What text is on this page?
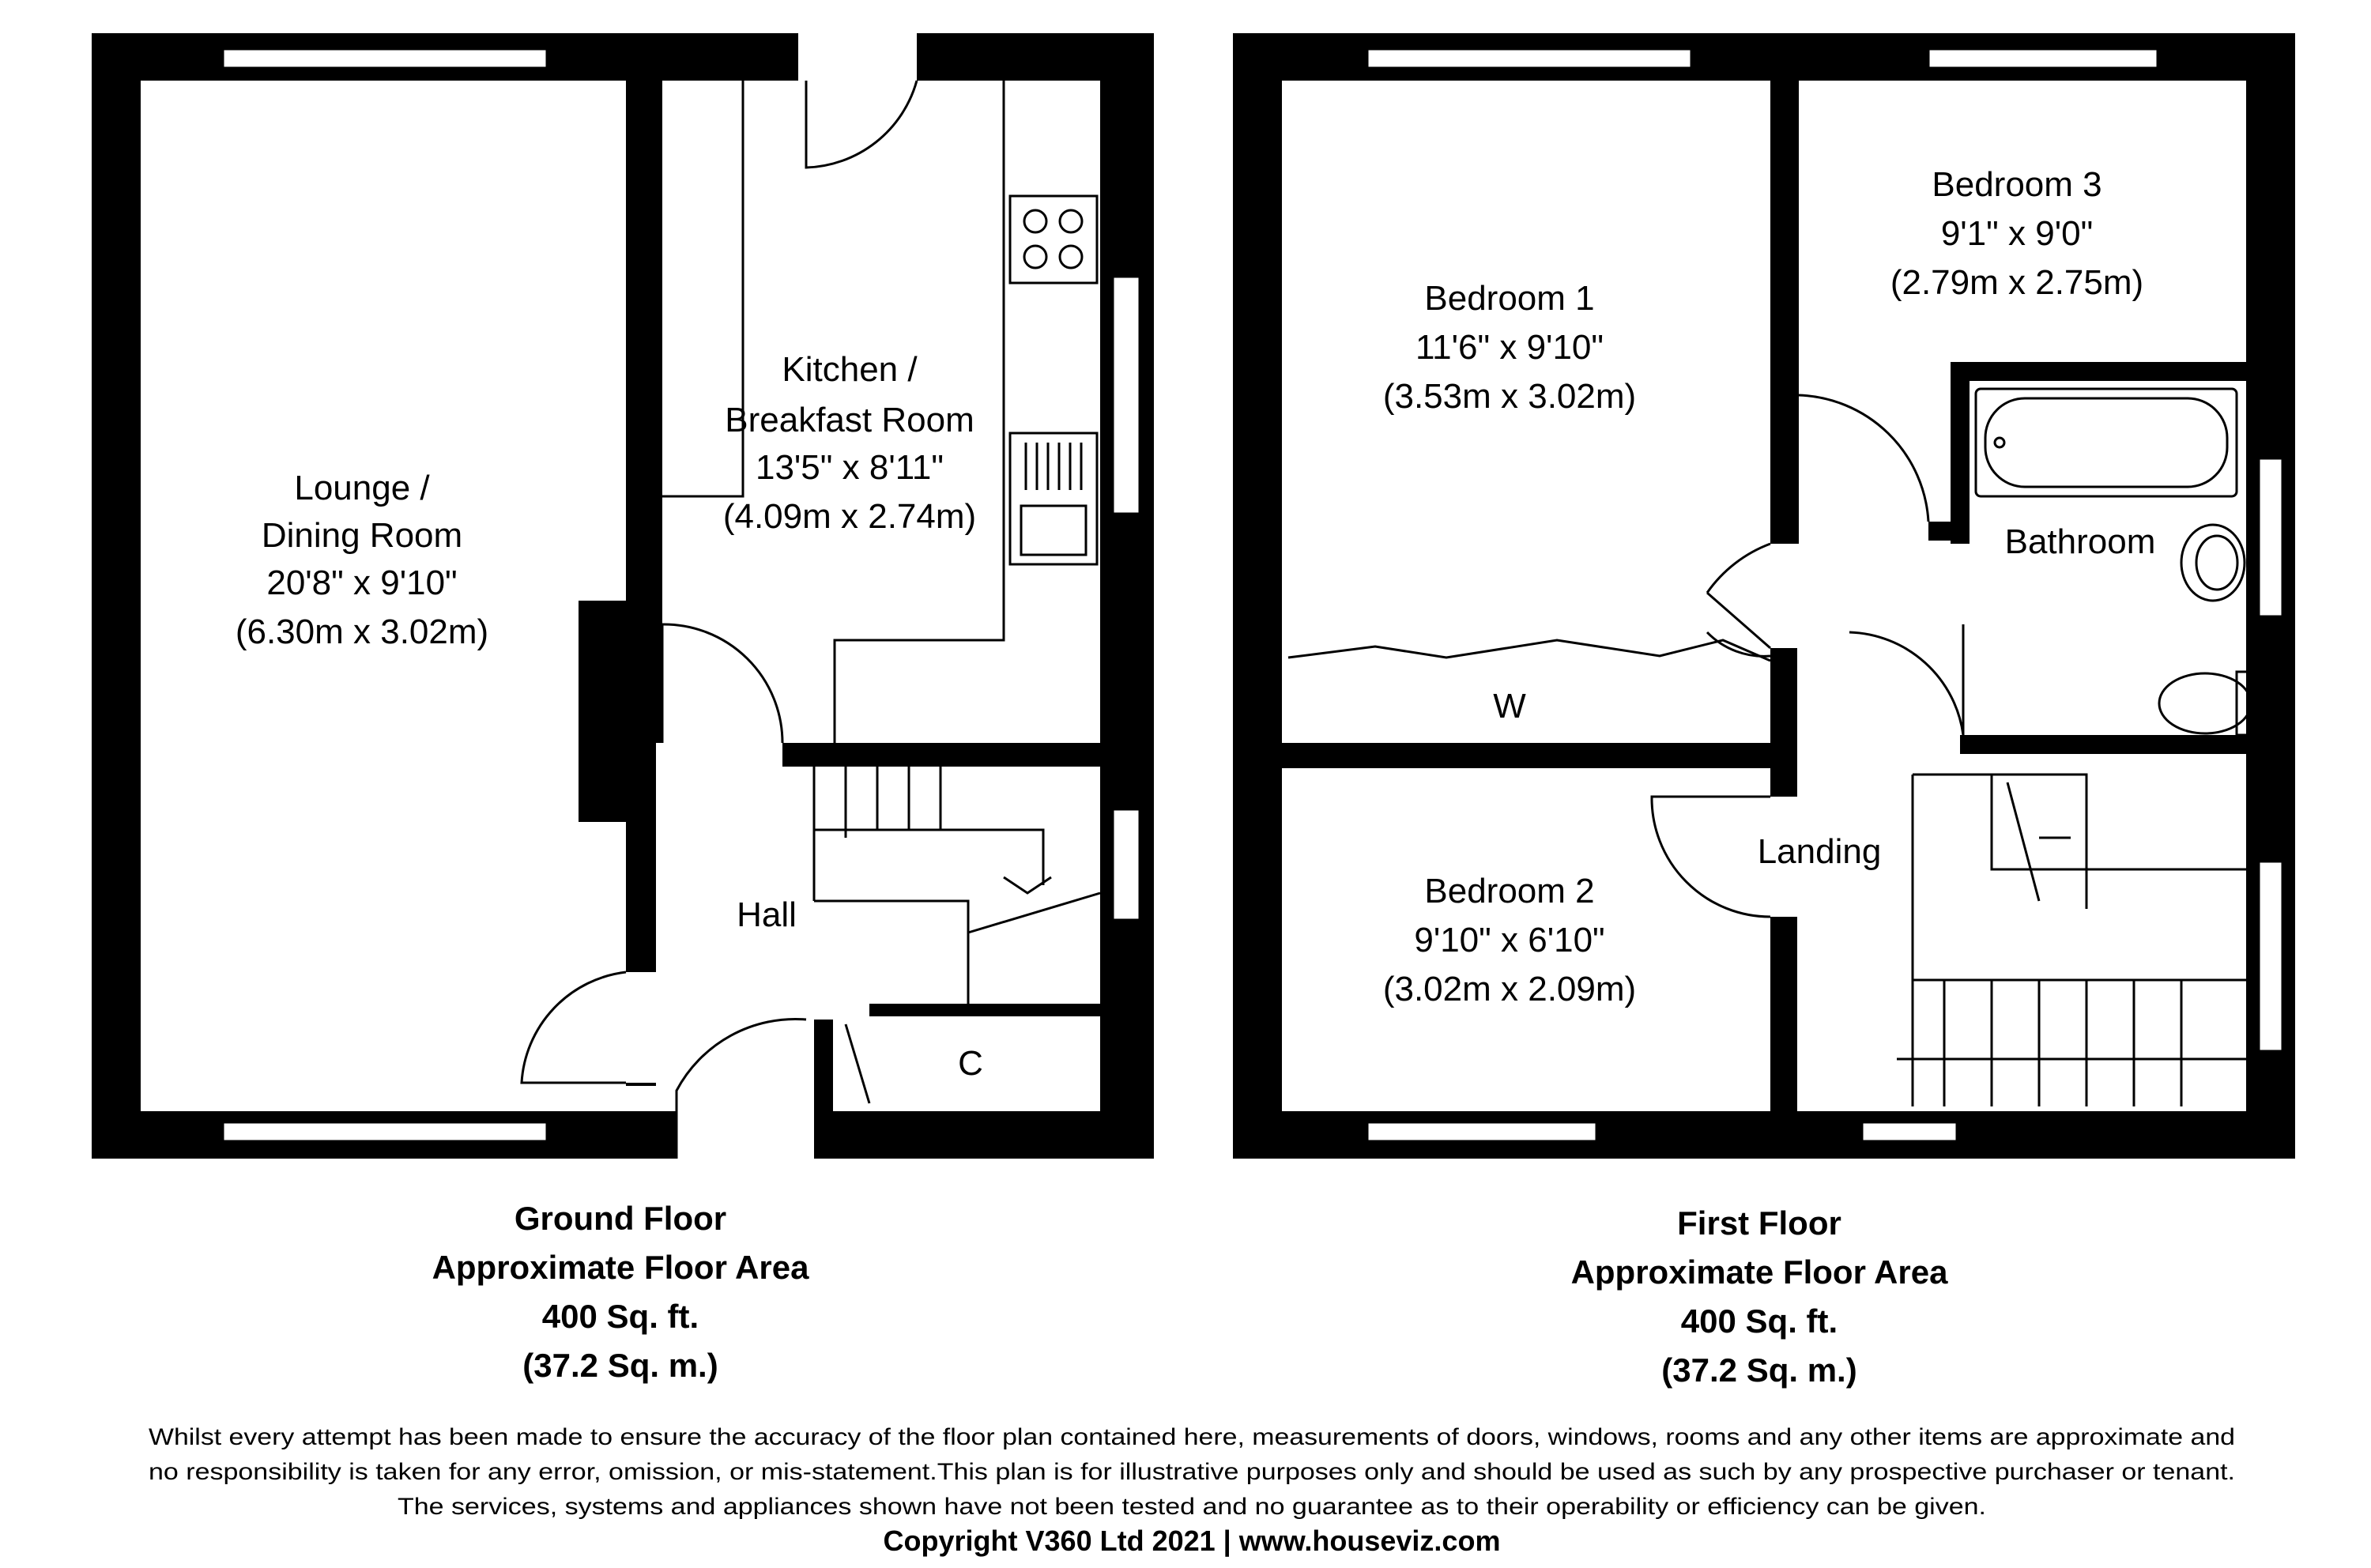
Lounge /
Dining Room
20'8" x 9'10"
(6.30m x 3.02m)
Kitchen /
Breakfast Room
13'5" x 8'11"
(4.09m x 2.74m)
Hall
C
Ground Floor
Approximate Floor Area
400 Sq. ft.
(37.2 Sq. m.)
Bedroom 1
11'6" x 9'10"
(3.53m x 3.02m)
Bedroom 3
9'1" x 9'0"
(2.79m x 2.75m)
Bathroom
W
Landing
Bedroom 2
9'10" x 6'10"
(3.02m x 2.09m)
First Floor
Approximate Floor Area
400 Sq. ft.
(37.2 Sq. m.)
Whilst every attempt has been made to ensure the accuracy of the floor plan contained here, measurements of doors, windows, rooms and any other items are approximate and
no responsibility is taken for any error, omission, or mis-statement.This plan is for illustrative purposes only and should be used as such by any prospective purchaser or tenant.
The services, systems and appliances shown have not been tested and no guarantee as to their operability or efficiency can be given.
Copyright V360 Ltd 2021 | www.houseviz.com
